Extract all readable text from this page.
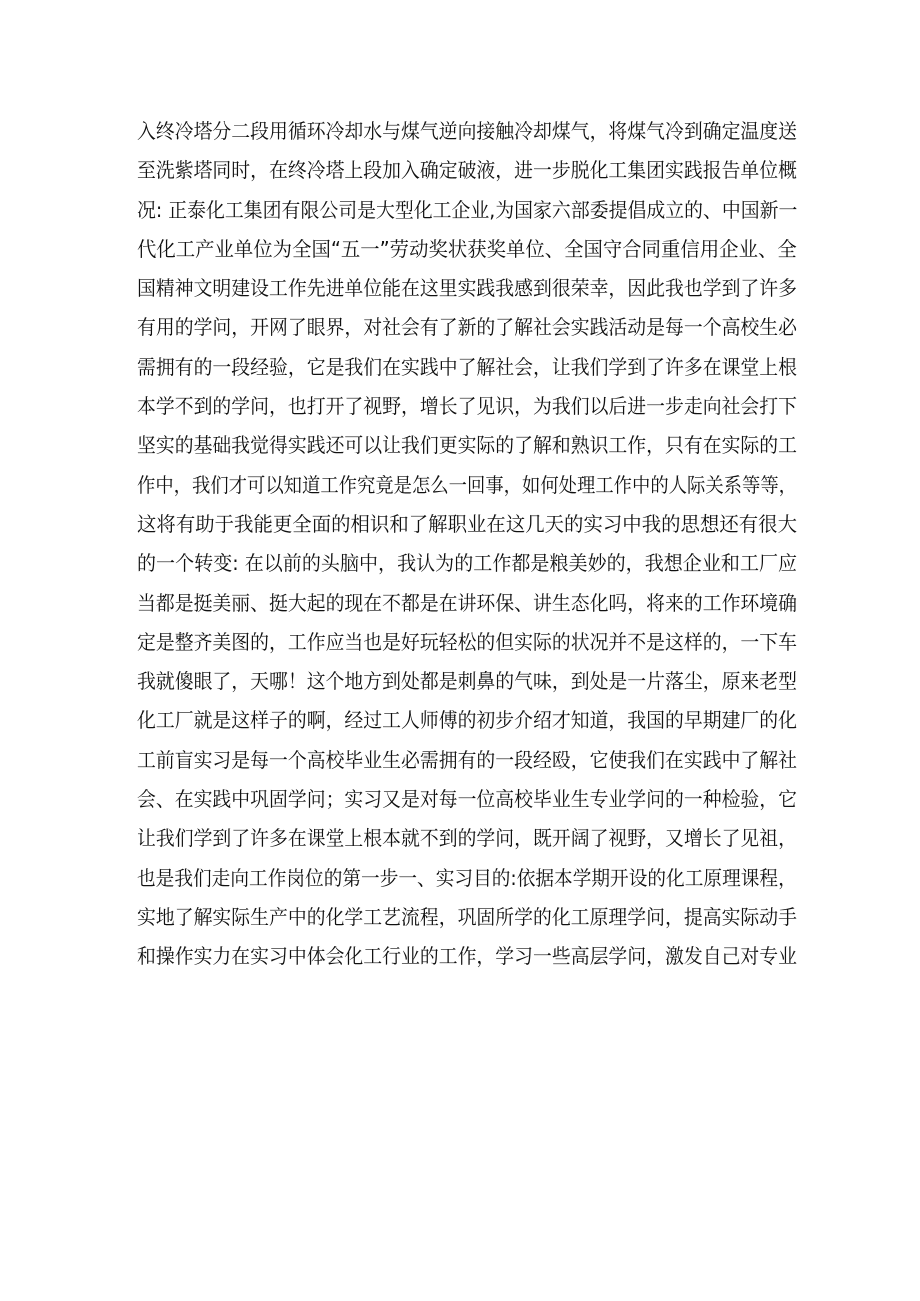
入终冷塔分二段用循环冷却水与煤气逆向接触冷却煤气，将煤气冷到确定温度送
至洗紫塔同时，在终冷塔上段加入确定破液，进一步脱化工集团实践报告单位概
况: 正泰化工集团有限公司是大型化工企业,为国家六部委提倡成立的、中国新一
代化工产业单位为全国“五一”劳动奖状获奖单位、全国守合同重信用企业、全
国精神文明建设工作先进单位能在这里实践我感到很荣幸，因此我也学到了许多
有用的学问，开网了眼界，对社会有了新的了解社会实践活动是每一个高校生必
需拥有的一段经验，它是我们在实践中了解社会，让我们学到了许多在课堂上根
本学不到的学问，也打开了视野，增长了见识，为我们以后进一步走向社会打下
坚实的基础我觉得实践还可以让我们更实际的了解和熟识工作，只有在实际的工
作中，我们才可以知道工作究竟是怎么一回事，如何处理工作中的人际关系等等，
这将有助于我能更全面的相识和了解职业在这几天的实习中我的思想还有很大
的一个转变: 在以前的头脑中，我认为的工作都是粮美妙的，我想企业和工厂应
当都是挺美丽、挺大起的现在不都是在讲环保、讲生态化吗，将来的工作环境确
定是整齐美图的，工作应当也是好玩轻松的但实际的状况并不是这样的，一下车
我就傻眼了，天哪！这个地方到处都是刺鼻的气味，到处是一片落尘，原来老型
化工厂就是这样子的啊，经过工人师傅的初步介绍才知道，我国的早期建厂的化
工前盲实习是每一个高校毕业生必需拥有的一段经殴，它使我们在实践中了解社
会、在实践中巩固学问；实习又是对每一位高校毕业生专业学问的一种检验，它
让我们学到了许多在课堂上根本就不到的学问，既开阔了视野，又增长了见祖，
也是我们走向工作岗位的第一步一、实习目的:依据本学期开设的化工原理课程，
实地了解实际生产中的化学工艺流程，巩固所学的化工原理学问，提高实际动手
和操作实力在实习中体会化工行业的工作，学习一些高层学问，激发自己对专业
